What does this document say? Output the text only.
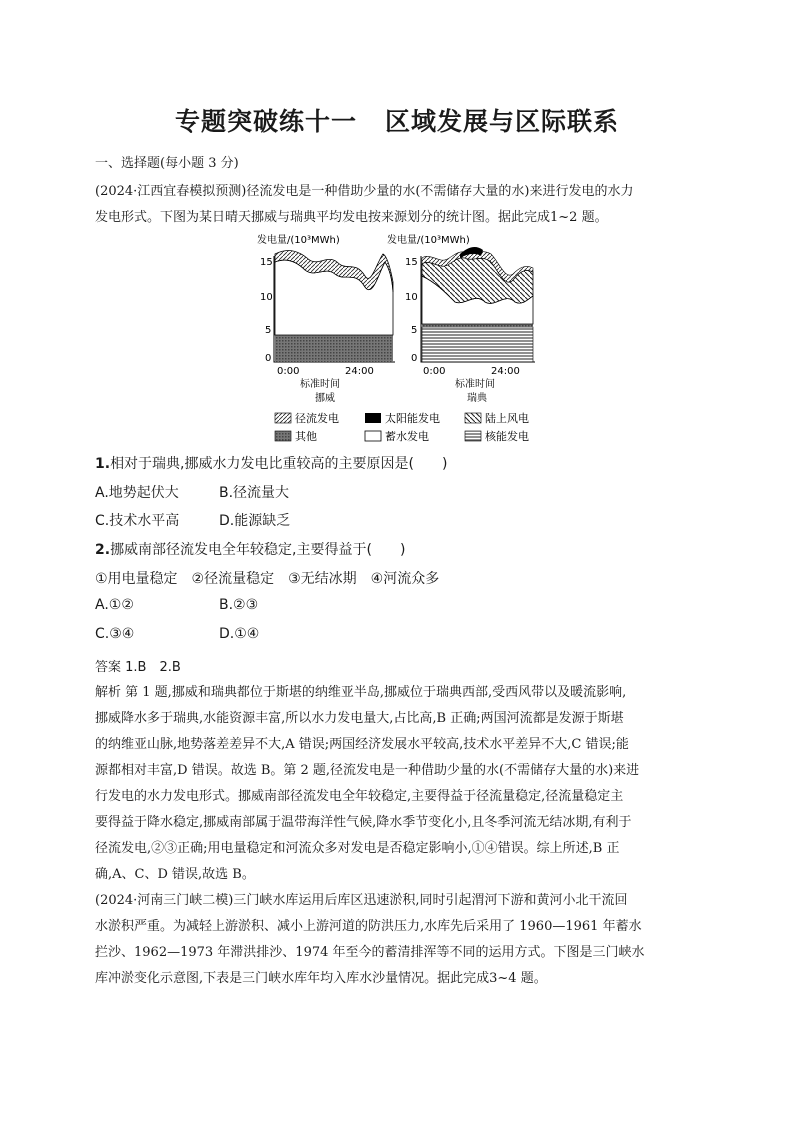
专题突破练十一 区域发展与区际联系
一、选择题(每小题 3 分)
(2024·江西宜春模拟预测)径流发电是一种借助少量的水(不需储存大量的水)来进行发电的水力
发电形式。下图为某日晴天挪威与瑞典平均发电按来源划分的统计图。据此完成1~2 题。
发电量/(10³MWh)
15
10
5
0
0:00	24:00
标准时间
挪威
发电量/(10³MWh)
15
10
5
0
0:00	24:00
标准时间
瑞典
径流发电	太阳能发电	陆上风电
其他	蓄水发电	核能发电
1.相对于瑞典,挪威水力发电比重较高的主要原因是(　　)
A.地势起伏大	B.径流量大
C.技术水平高	D.能源缺乏
2.挪威南部径流发电全年较稳定,主要得益于(　　)
①用电量稳定　②径流量稳定　③无结冰期　④河流众多
A.①②	B.②③
C.③④	D.①④
答案 1.B　2.B
解析 第 1 题,挪威和瑞典都位于斯堪的纳维亚半岛,挪威位于瑞典西部,受西风带以及暖流影响,
挪威降水多于瑞典,水能资源丰富,所以水力发电量大,占比高,B 正确;两国河流都是发源于斯堪
的纳维亚山脉,地势落差差异不大,A 错误;两国经济发展水平较高,技术水平差异不大,C 错误;能
源都相对丰富,D 错误。故选 B。第 2 题,径流发电是一种借助少量的水(不需储存大量的水)来进
行发电的水力发电形式。挪威南部径流发电全年较稳定,主要得益于径流量稳定,径流量稳定主
要得益于降水稳定,挪威南部属于温带海洋性气候,降水季节变化小,且冬季河流无结冰期,有利于
径流发电,②③正确;用电量稳定和河流众多对发电是否稳定影响小,①④错误。综上所述,B 正
确,A、C、D 错误,故选 B。
(2024·河南三门峡二模)三门峡水库运用后库区迅速淤积,同时引起渭河下游和黄河小北干流回
水淤积严重。为减轻上游淤积、减小上游河道的防洪压力,水库先后采用了 1960—1961 年蓄水
拦沙、1962—1973 年滞洪排沙、1974 年至今的蓄清排浑等不同的运用方式。下图是三门峡水
库冲淤变化示意图,下表是三门峡水库年均入库水沙量情况。据此完成3~4 题。
